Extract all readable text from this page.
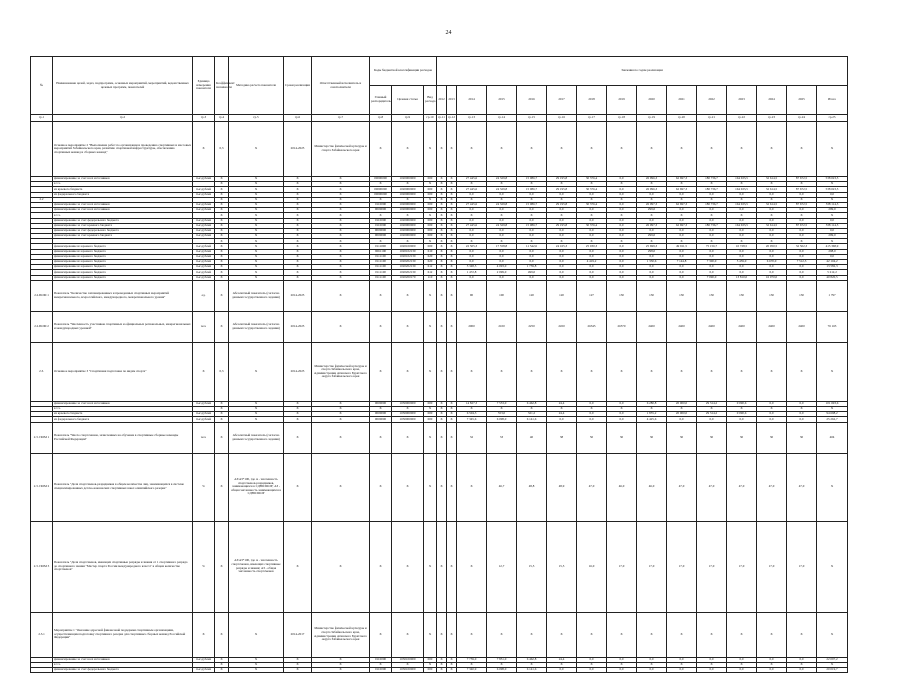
24
№	Наименование целей, задач, подпрограмм, основных мероприятий, мероприятий, ведомственных целевых программ, показателей	Единица измерения показателя	Коэффициент значимости	Методика расчета показателя	Сроки реализации	Ответственный исполнитель и соисполнители	Коды бюджетной классификации расходов			Значения по годам реализации														
							Главный распорядитель	Целевая статья	Вид расхода	2012	2013	2014	2015	2016	2017	2018	2019	2020	2021	2022	2023	2024	2025	Итого
гр.1	гр.2	гр.3	гр.4	гр.5	гр.6	гр.7	гр.8	гр.9	гр.10	гр.11	гр.12	гр.13	гр.14	гр.15	гр.16	гр.17	гр.18	гр.19	гр.20	гр.21	гр.22	гр.23	гр.24	гр.25
	Основное мероприятие 2 "Выполнение работ по организации и проведению спортивных и массовых мероприятий Забайкальского края, развитию спортивной инфраструктуры, обеспечению спортивных команд и сборных команд"	Х	0,3	Х	2014-2025	Министерство физической культуры и спорта Забайкальского края	Х	Х	Х	Х	Х	Х	Х	Х	Х	Х	Х	Х	Х	Х	Х	Х	Х	Х
	финансирование за счет всех источников	тыс.рублей	Х	Х	Х	Х	00000000	1020000000	000	Х	Х	27 445,6	24 329,8	15 086,7	29 195,8	30 376,4	0,0	26 996,3	62 697,3	180 736,7	164 633,5	32 614,5	87 672,5	538 023,5
	в т.ч.		Х	Х	Х	Х	Х	Х	Х	Х	Х	Х	Х	Х	Х	Х	Х	Х	Х	Х	Х	Х	Х	Х
	из краевого бюджета	тыс.рублей	Х	Х	Х	Х	00000000	1020000000	000	Х	Х	27 445,6	24 329,8	15 086,7	29 195,8	30 376,4	0,0	26 996,3	62 697,3	180 736,7	164 633,5	32 614,5	87 672,5	538 023,5
	из федерального бюджета	тыс.рублей	Х	Х	Х	Х	00000000	1020000000	000	Х	Х	0,0	0,0	0,0	0,0	0,0	0,0	0,0	0,0	0,0	0,0	0,0	0,0	0,0
2.2			Х	Х	Х	Х	Х	Х	Х	Х	Х	Х	Х	Х	Х	Х	Х	Х	Х	Х	Х	Х	Х	Х
	финансирование за счет всех источников	тыс.рублей	Х	Х	Х	Х	0110000	1020000000	000	Х	Х	27 445,6	24 329,8	15 086,7	29 195,8	30 376,4	0,0	26 097,3	62 697,3	180 736,7	164 633,5	32 614,5	87 672,5	538 114,5
	финансирование за счет всех источников	тыс.рублей	Х	Х	Х	Х	9000000	1020000000	000	Х	Х	0,0	0,0	0,0	0,0	0,0	0,0	299,0	0,0	0,0	0,0	0,0	0,0	299,0
	в т.ч.		Х	Х	Х	Х	Х	Х	Х	Х	Х	Х	Х	Х	Х	Х	Х	Х	Х	Х	Х	Х	Х	Х
	финансирование за счет федерального бюджета	тыс.рублей	Х	Х	Х	Х	0110000	1020000000	000	Х	Х	0,0	0,0	0,0	0,0	0,0	0,0	0,0	0,0	0,0	0,0	0,0	0,0	0,0
	финансирование за счет краевого бюджета	тыс.рублей	Х	Х	Х	Х	0110000	1020000000	000	Х	Х	27 445,6	24 329,8	15 086,7	29 195,8	30 376,4	0,0	26 097,3	62 697,3	180 736,7	164 633,5	32 614,5	87 672,5	538 114,5
	финансирование за счет федерального бюджета	тыс.рублей	Х	Х	Х	Х	9000000	1020000000	000	Х	Х	0,0	0,0	0,0	0,0	0,0	0,0	0,0	0,0	0,0	0,0	0,0	0,0	0,0
	финансирование за счет краевого бюджета	тыс.рублей	Х	Х	Х	Х	9000000	1020000000	000	Х	Х	0,0	0,0	0,0	0,0	0,0	0,0	299,0	0,0	0,0	0,0	0,0	0,0	299,0
			Х	Х	Х	Х	Х	Х	Х	Х	Х	Х	Х	Х	Х	Х	Х	Х	Х	Х	Х	Х	Х	Х
	финансирование из краевого бюджета	тыс.рублей	Х	Х	Х	Х	0111000	1020100000	000	Х	Х	22 505,3	17 558,8	11 542,6	24 165,3	25 030,3	0,0	25 699,3	49 911,5	75 156,7	10 728,5	20 050,5	32 502,3	415 368,9
	финансирование из краевого бюджета	тыс.рублей	Х	Х	Х	Х	9061100	1020102130	610	Х	Х	0,0	0,0	0,0	0,0	0,0	0,0	298,0	0,0	0,0	0,0	0,0	0,0	298,0
	финансирование из краевого бюджета	тыс.рублей	Х	Х	Х	Х	0111100	1020102130	620	Х	Х	0,0	0,0	0,0	0,0	0,0	0,0	0,0	0,0	0,0	0,0	0,0	0,0	0,0
	финансирование из краевого бюджета	тыс.рублей	Х	Х	Х	Х	0111100	1020202130	620	Х	Х	0,0	0,0	0,0	0,0	4 419,2	0,0	1 330,6	7 144,8	7 300,0	5 459,0	6 670,0	7 512,3	42 104,2
	финансирование из краевого бюджета	тыс.рублей	Х	Х	Х	Х	0111100	1020202130	612	Х	Х	3 348,5	4 093,0	1 739,8	0,0	0,0	0,0	0,0	0,0	0,0	0,0	0,0	0,0	13 582,3
	финансирование из краевого бюджета	тыс.рублей	Х	Х	Х	Х	0111100	1020202130	612	Х	Х	1 472,8	2 099,0	499,0	0,0	0,0	0,0	0,0	0,0	0,0	0,0	0,0	0,0	5 212,2
	финансирование из краевого бюджета	тыс.рублей	Х	Х	Х	Х	0111100	1020200170	110	Х	Х	0,0	0,0	0,0	0,0	0,0	0,0	0,0	0,0	7 090,0	13 810,0	16 070,0	0,0	40 820,5
2.2.ПОМ 1	Показатель "Количество запланированных и проведенных спортивных мероприятий межрегионального, всероссийского, международного, межрегионального уровня"	ед.	Х	Абсолютный показатель (согласно данным государственного задания)	2014-2025	Х	Х	Х	Х	Х	Х	90	100	120	120	127	130	130	130	130	130	130	130	1 797
2.2.ПОМ 2	Показатель "Численность участников спортивных и официальных региональных, межрегиональных и международных уровней"	чел.	Х	Абсолютный показатель (согласно данным государственного задания)	2014-2025	Х	Х	Х	Х	Х	Х	2000	2100	2250	2450	26345	26570	2400	2400	2400	2400	2400	2400	76 163
2.3.	Основное мероприятие 3 "Спортивная подготовка по видам спорта"	Х	0,3	Х	2014-2025	Министерство физической культуры и спорта Забайкальского края, Администрации Агинского Бурятского округа Забайкальского края	Х	Х	Х	Х	Х	Х	Х	Х	Х	Х	Х	Х	Х	Х	Х	Х	Х	Х
	финансирование за счет всех источников	тыс.рублей	Х	Х	Х	Х	0000000	1030000000	000	Х	Х	14 827,3	7 553,0	6 462,8	24,4	0,0	0,0	6 280,8	20 000,0	29 314,2	0 090,6	0,0	0,0	101 693,6
	в т.ч.		Х	Х	Х	Х	Х	Х	Х	Х	Х	Х	Х	Х	Х	Х	Х	Х	Х	Х	Х	Х	Х	Х
	из краевого бюджета	тыс.рублей	Х	Х	Х	Х	0000000	1030000000	000	Х	Х	6 504,3	553,0	321,2	24,4	0,0	0,0	1 855,2	20 000,0	29 314,2	0 090,6	0,0	0,0	94 698,2
	из федерального бюджета	тыс.рублей	Х	Х	Х	Х	0000000	1030000000	000	Х	Х	7 345,6	6 098,0	6 141,6	0,0	0,0	0,0	4 425,6	0,0	0,0	0,0	0,0	0,0	25 262,7
2.3. ПОМ 1	Показатель "Число спортсменов, зачисленных на обучение в спортивные сборные команды Российской Федерации"	чел.	Х	Абсолютный показатель (согласно данным государственного задания)	Х	Х	Х	Х	Х	Х	Х	32	33	40	38	50	30	30	30	30	30	30	30	404
2.3. ПОМ 2	Показатель "Доля спортсменов-разрядников в общем количестве лиц, занимающихся в системе специализированных детско-юношеских спортивных школ олимпийского резерва"	%	Х	АЗ/АЗ*100, где А - численность спортсменов-разрядников, занимающихся в СДЮСШОР; АЗ - общая численность занимающихся в СДЮСШОР	Х	Х	Х	Х	Х	Х	Х	Х	46,7	48,8	48,9	47,0	46,0	46,0	47,0	47,0	47,0	47,0	47,0	Х
2.3. ПОМ 3	Показатель "Доля спортсменов, имеющих спортивные разряды и звания от 1 спортивного разряда до спортивного звания "Мастер спорта России международного класса" в общем количестве спортсменов"	%	Х	АЗ/АЗ*100, где А - численность спортсменов, имеющих спортивные разряды и звания; АЗ - общая численность спортсменов	Х	Х	Х	Х	Х	Х	Х	Х	12,7	15,5	15,5	16,0	17,0	17,0	17,0	17,0	17,0	17,0	17,0	Х
2.3.1	Мероприятие 1 "Оказание адресной финансовой поддержки спортивным организациям, осуществляющим подготовку спортивного резерва для спортивных сборных команд Российской Федерации"	Х	Х	Х	2014-2017	Министерство физической культуры и спорта Забайкальского края, Администрации Агинского Бурятского округа Забайкальского края	Х	Х	Х	Х	Х	Х	Х	Х	Х	Х	Х	Х	Х	Х	Х	Х	Х	Х
	финансирование за счет всех источников	тыс.рублей	Х	Х	Х	Х	0110000	1030100000	000	Х	Х	7 759,0	7 851,0	6 462,8	24,4	0,0	0,0	0,0	0,0	0,0	0,0	0,0	0,0	22 097,2
	в т.ч.		Х	Х	Х	Х	Х	Х	Х	Х	Х	Х	Х	Х	Х	Х	Х	Х	Х	Х	Х	Х	Х	Х
	финансирование за счет федерального бюджета	тыс.рублей	Х	Х	Х	Х	0110000	1030100000	000	Х	Х	7 340,9	6 098,0	6 141,6	0,0	0,0	0,0	0,0	0,0	0,0	0,0	0,0	0,0	20 019,7
